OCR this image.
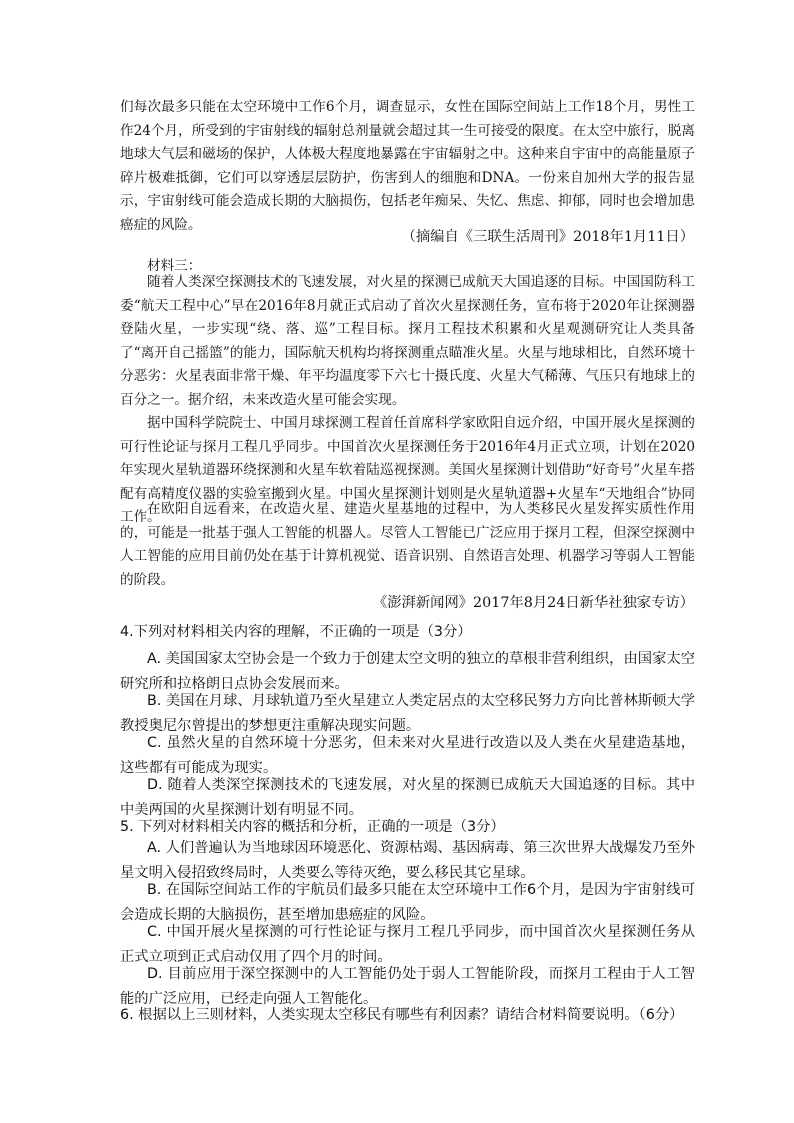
们每次最多只能在太空环境中工作6个月，调查显示，女性在国际空间站上工作18个月，男性工作24个月，所受到的宇宙射线的辐射总剂量就会超过其一生可接受的限度。在太空中旅行，脱离地球大气层和磁场的保护，人体极大程度地暴露在宇宙辐射之中。这种来自宇宙中的高能量原子碎片极难抵御，它们可以穿透层层防护，伤害到人的细胞和DNA。一份来自加州大学的报告显示，宇宙射线可能会造成长期的大脑损伤，包括老年痴呆、失忆、焦虑、抑郁，同时也会增加患癌症的风险。

（摘编自《三联生活周刊》2018年1月11日）

材料三：

随着人类深空探测技术的飞速发展，对火星的探测已成航天大国追逐的目标。中国国防科工委“航天工程中心”早在2016年8月就正式启动了首次火星探测任务，宣布将于2020年让探测器登陆火星，一步实现“绕、落、巡”工程目标。探月工程技术积累和火星观测研究让人类具备了“离开自己摇篮”的能力，国际航天机构均将探测重点瞄准火星。火星与地球相比，自然环境十分恶劣：火星表面非常干燥、年平均温度零下六七十摄氏度、火星大气稀薄、气压只有地球上的百分之一。据介绍，未来改造火星可能会实现。

据中国科学院院士、中国月球探测工程首任首席科学家欧阳自远介绍，中国开展火星探测的可行性论证与探月工程几乎同步。中国首次火星探测任务于2016年4月正式立项，计划在2020年实现火星轨道器环绕探测和火星车软着陆巡视探测。美国火星探测计划借助“好奇号”火星车搭配有高精度仪器的实验室搬到火星。中国火星探测计划则是火星轨道器+火星车“天地组合”协同工作。

在欧阳自远看来，在改造火星、建造火星基地的过程中，为人类移民火星发挥实质性作用的，可能是一批基于强人工智能的机器人。尽管人工智能已广泛应用于探月工程，但深空探测中人工智能的应用目前仍处在基于计算机视觉、语音识别、自然语言处理、机器学习等弱人工智能的阶段。

《澎湃新闻网》2017年8月24日新华社独家专访）

4.下列对材料相关内容的理解，不正确的一项是（3分）

A. 美国国家太空协会是一个致力于创建太空文明的独立的草根非营利组织，由国家太空研究所和拉格朗日点协会发展而来。

B. 美国在月球、月球轨道乃至火星建立人类定居点的太空移民努力方向比普林斯顿大学教授奥尼尔曾提出的梦想更注重解决现实问题。

C. 虽然火星的自然环境十分恶劣，但未来对火星进行改造以及人类在火星建造基地，这些都有可能成为现实。

D. 随着人类深空探测技术的飞速发展，对火星的探测已成航天大国追逐的目标。其中中美两国的火星探测计划有明显不同。

5. 下列对材料相关内容的概括和分析，正确的一项是（3分）

A. 人们普遍认为当地球因环境恶化、资源枯竭、基因病毒、第三次世界大战爆发乃至外星文明入侵招致终局时，人类要么等待灭绝，要么移民其它星球。

B. 在国际空间站工作的宇航员们最多只能在太空环境中工作6个月，是因为宇宙射线可会造成长期的大脑损伤，甚至增加患癌症的风险。

C. 中国开展火星探测的可行性论证与探月工程几乎同步，而中国首次火星探测任务从正式立项到正式启动仅用了四个月的时间。

D. 目前应用于深空探测中的人工智能仍处于弱人工智能阶段，而探月工程由于人工智能的广泛应用，已经走向强人工智能化。

6. 根据以上三则材料，人类实现太空移民有哪些有利因素？请结合材料简要说明。（6分）
